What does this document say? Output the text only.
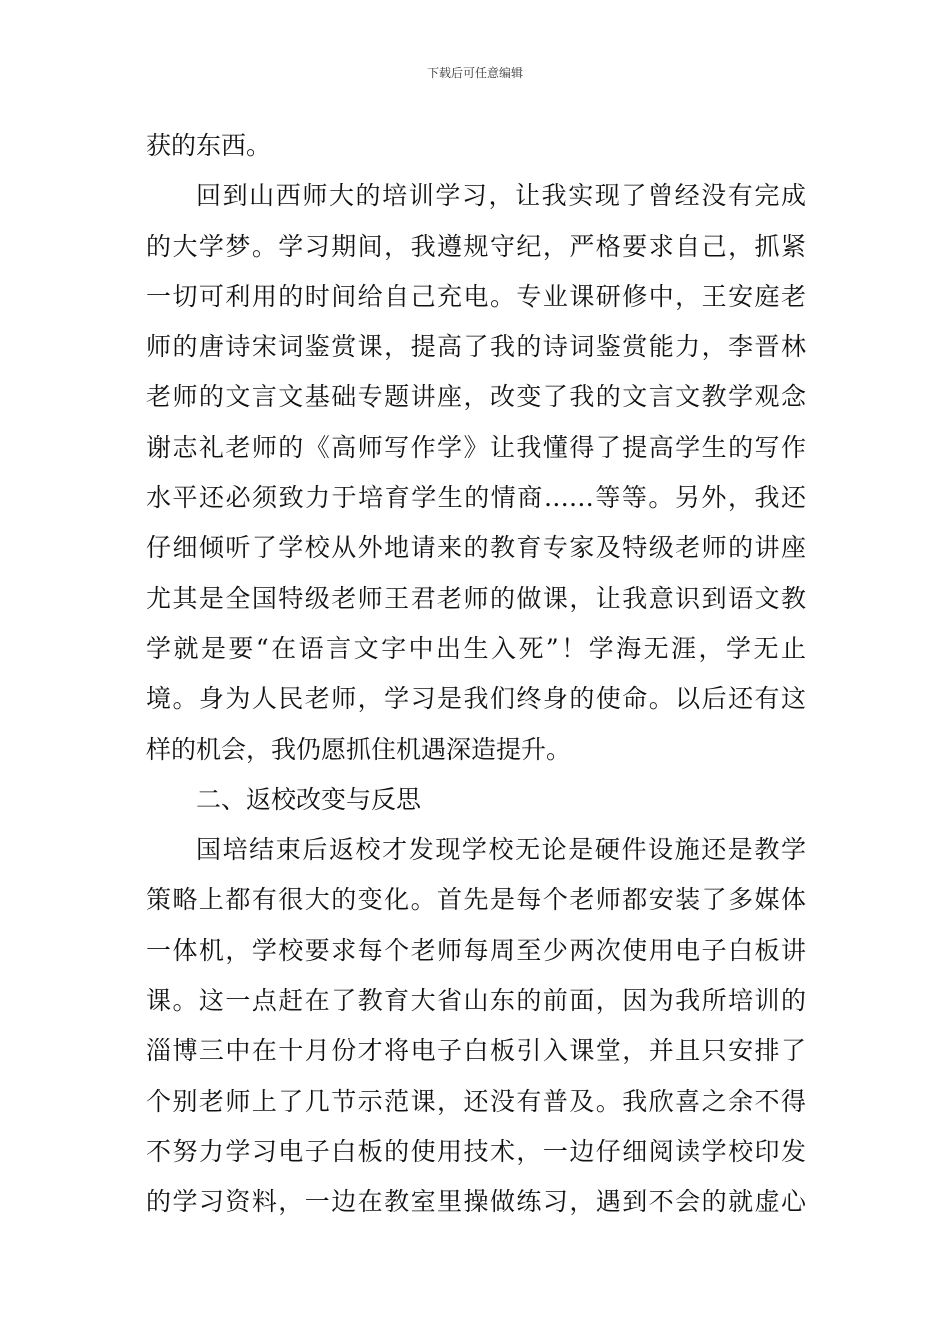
下载后可任意编辑
获的东西。
回到山西师大的培训学习，让我实现了曾经没有完成
的大学梦。学习期间，我遵规守纪，严格要求自己，抓紧
一切可利用的时间给自己充电。专业课研修中，王安庭老
师的唐诗宋词鉴赏课，提高了我的诗词鉴赏能力，李晋林
老师的文言文基础专题讲座，改变了我的文言文教学观念
谢志礼老师的《高师写作学》让我懂得了提高学生的写作
水平还必须致力于培育学生的情商……等等。另外，我还
仔细倾听了学校从外地请来的教育专家及特级老师的讲座
尤其是全国特级老师王君老师的做课，让我意识到语文教
学就是要“在语言文字中出生入死”！学海无涯，学无止
境。身为人民老师，学习是我们终身的使命。以后还有这
样的机会，我仍愿抓住机遇深造提升。
二、返校改变与反思
国培结束后返校才发现学校无论是硬件设施还是教学
策略上都有很大的变化。首先是每个老师都安装了多媒体
一体机，学校要求每个老师每周至少两次使用电子白板讲
课。这一点赶在了教育大省山东的前面，因为我所培训的
淄博三中在十月份才将电子白板引入课堂，并且只安排了
个别老师上了几节示范课，还没有普及。我欣喜之余不得
不努力学习电子白板的使用技术，一边仔细阅读学校印发
的学习资料，一边在教室里操做练习，遇到不会的就虚心
